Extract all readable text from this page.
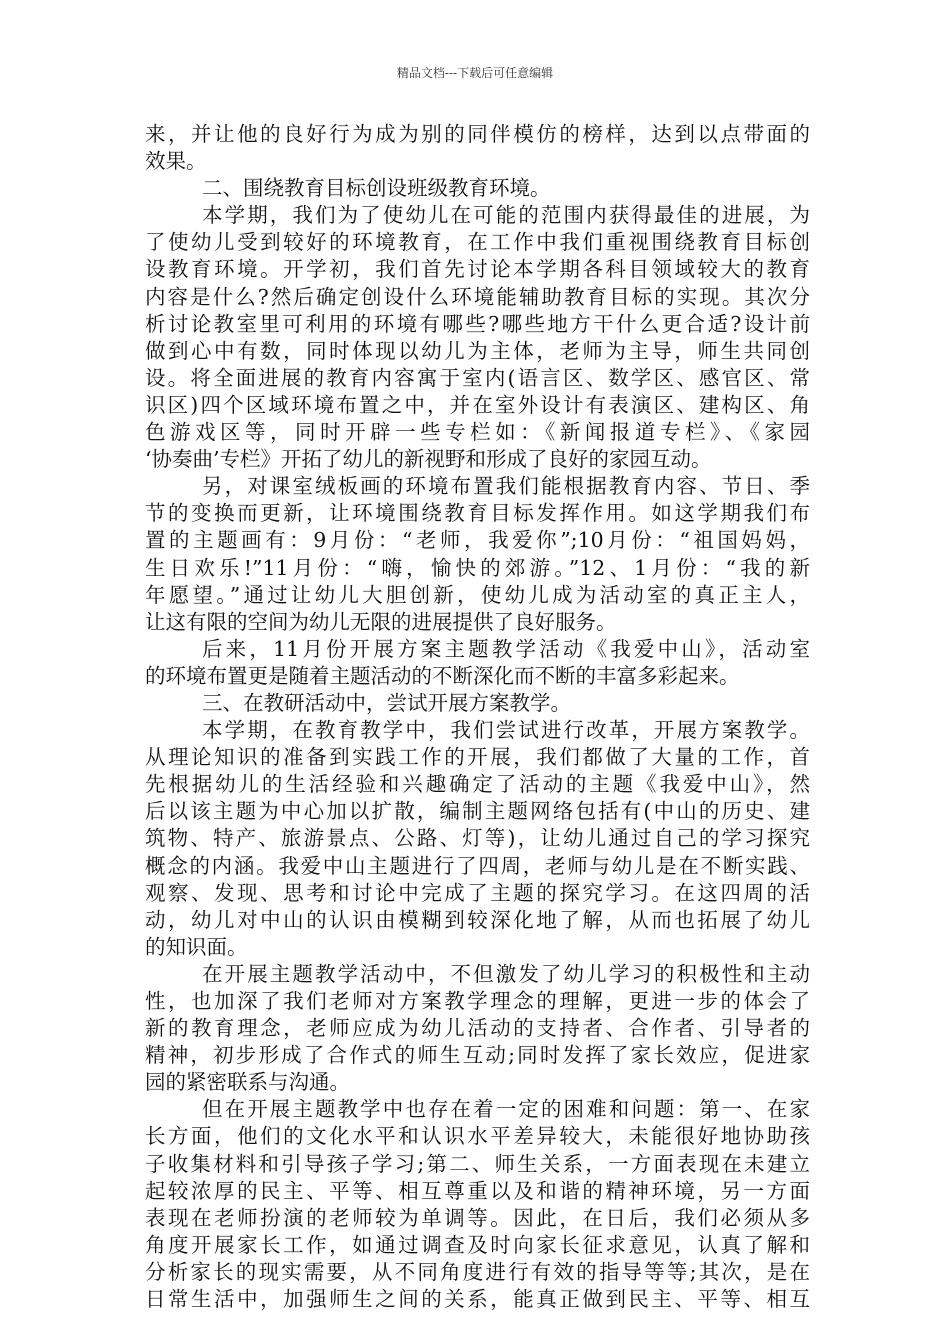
精品文档---下载后可任意编辑
来，并让他的良好行为成为别的同伴模仿的榜样，达到以点带面的
效果。
二、围绕教育目标创设班级教育环境。
本学期，我们为了使幼儿在可能的范围内获得最佳的进展，为
了使幼儿受到较好的环境教育，在工作中我们重视围绕教育目标创
设教育环境。开学初，我们首先讨论本学期各科目领域较大的教育
内容是什么?然后确定创设什么环境能辅助教育目标的实现。其次分
析讨论教室里可利用的环境有哪些?哪些地方干什么更合适?设计前
做到心中有数，同时体现以幼儿为主体，老师为主导，师生共同创
设。将全面进展的教育内容寓于室内(语言区、数学区、感官区、常
识区)四个区域环境布置之中，并在室外设计有表演区、建构区、角
色游戏区等，同时开辟一些专栏如：《新闻报道专栏》、《家园
‘协奏曲’专栏》开拓了幼儿的新视野和形成了良好的家园互动。
另，对课室绒板画的环境布置我们能根据教育内容、节日、季
节的变换而更新，让环境围绕教育目标发挥作用。如这学期我们布
置的主题画有：9月份：“老师，我爱你”;10月份：“祖国妈妈，
生日欢乐!”11月份：“嗨，愉快的郊游。”12、1月份：“我的新
年愿望。”通过让幼儿大胆创新，使幼儿成为活动室的真正主人，
让这有限的空间为幼儿无限的进展提供了良好服务。
后来，11月份开展方案主题教学活动《我爱中山》，活动室
的环境布置更是随着主题活动的不断深化而不断的丰富多彩起来。
三、在教研活动中，尝试开展方案教学。
本学期，在教育教学中，我们尝试进行改革，开展方案教学。
从理论知识的准备到实践工作的开展，我们都做了大量的工作，首
先根据幼儿的生活经验和兴趣确定了活动的主题《我爱中山》，然
后以该主题为中心加以扩散，编制主题网络包括有(中山的历史、建
筑物、特产、旅游景点、公路、灯等)，让幼儿通过自己的学习探究
概念的内涵。我爱中山主题进行了四周，老师与幼儿是在不断实践、
观察、发现、思考和讨论中完成了主题的探究学习。在这四周的活
动，幼儿对中山的认识由模糊到较深化地了解，从而也拓展了幼儿
的知识面。
在开展主题教学活动中，不但激发了幼儿学习的积极性和主动
性，也加深了我们老师对方案教学理念的理解，更进一步的体会了
新的教育理念，老师应成为幼儿活动的支持者、合作者、引导者的
精神，初步形成了合作式的师生互动;同时发挥了家长效应，促进家
园的紧密联系与沟通。
但在开展主题教学中也存在着一定的困难和问题：第一、在家
长方面，他们的文化水平和认识水平差异较大，未能很好地协助孩
子收集材料和引导孩子学习;第二、师生关系，一方面表现在未建立
起较浓厚的民主、平等、相互尊重以及和谐的精神环境，另一方面
表现在老师扮演的老师较为单调等。因此，在日后，我们必须从多
角度开展家长工作，如通过调查及时向家长征求意见，认真了解和
分析家长的现实需要，从不同角度进行有效的指导等等;其次，是在
日常生活中，加强师生之间的关系，能真正做到民主、平等、相互
